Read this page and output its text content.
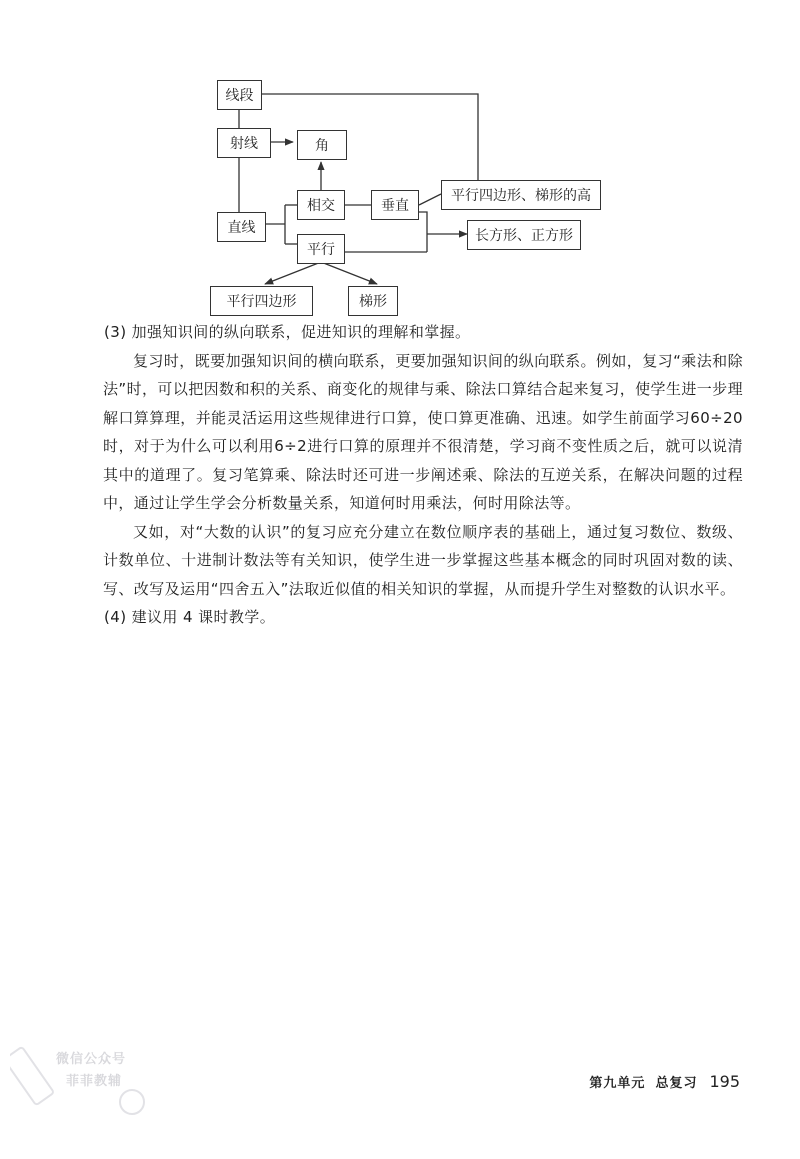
线段
射线	角
直线
相交	垂直
平行
平行四边形、梯形的高
长方形、正方形
平行四边形	梯形

(3) 加强知识间的纵向联系，促进知识的理解和掌握。

复习时，既要加强知识间的横向联系，更要加强知识间的纵向联系。例如，复习“乘法和除法”时，可以把因数和积的关系、商变化的规律与乘、除法口算结合起来复习，使学生进一步理解口算算理，并能灵活运用这些规律进行口算，使口算更准确、迅速。如学生前面学习60÷20时，对于为什么可以利用6÷2进行口算的原理并不很清楚，学习商不变性质之后，就可以说清其中的道理了。复习笔算乘、除法时还可进一步阐述乘、除法的互逆关系，在解决问题的过程中，通过让学生学会分析数量关系，知道何时用乘法，何时用除法等。

又如，对“大数的认识”的复习应充分建立在数位顺序表的基础上，通过复习数位、数级、计数单位、十进制计数法等有关知识，使学生进一步掌握这些基本概念的同时巩固对数的读、写、改写及运用“四舍五入”法取近似值的相关知识的掌握，从而提升学生对整数的认识水平。

(4) 建议用 4 课时教学。

微信公众号
菲菲教辅	第九单元 总复习 195
